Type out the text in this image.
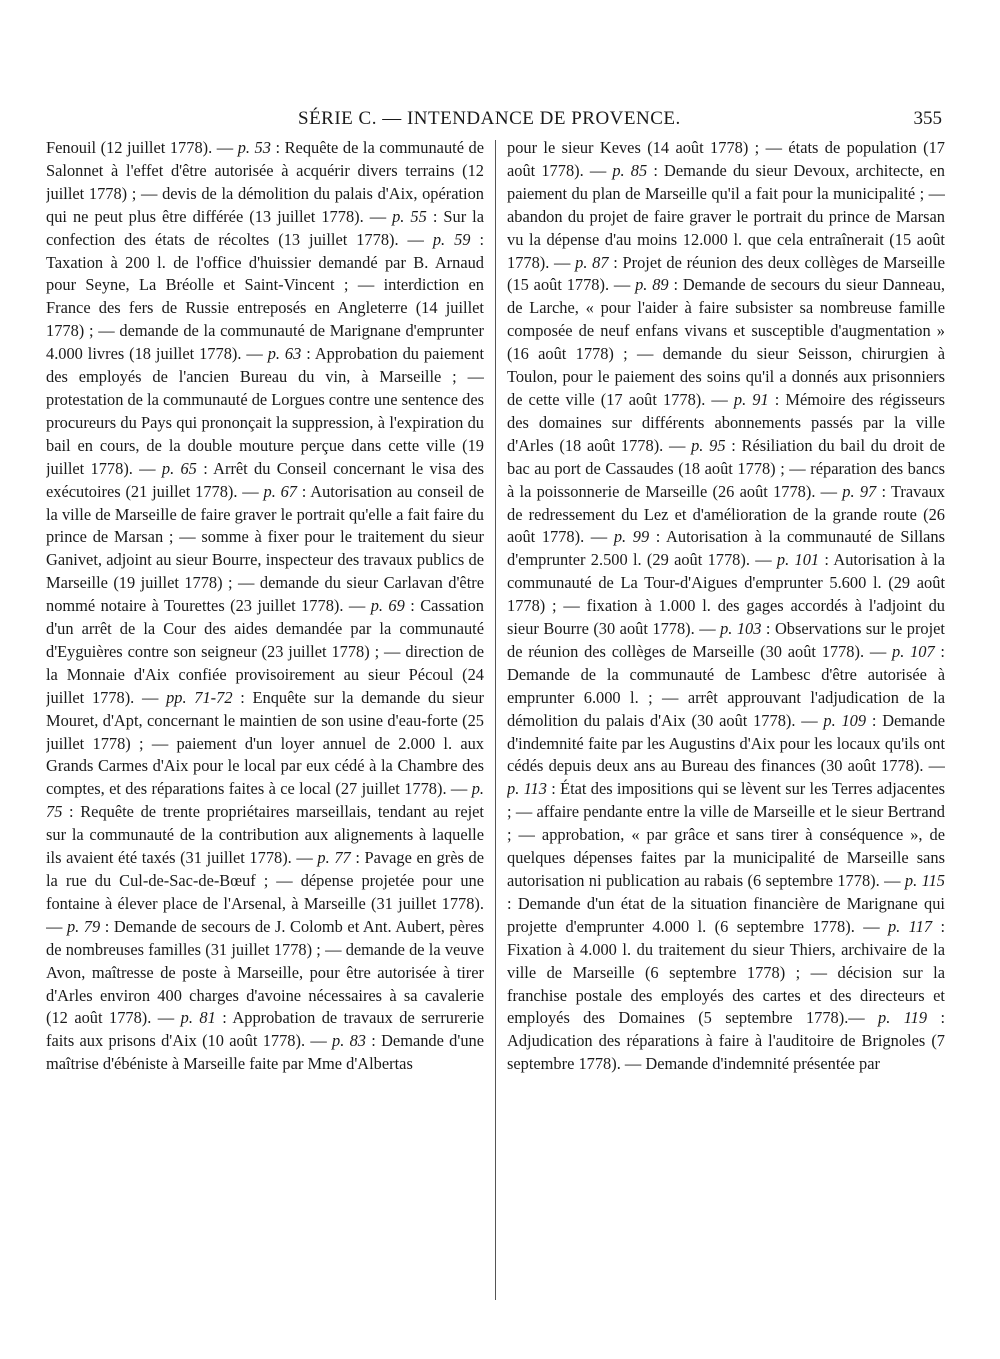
SÉRIE C. — INTENDANCE DE PROVENCE.	355
Fenouil (12 juillet 1778). — p. 53 : Requête de la communauté de Salonnet à l'effet d'être autorisée à acquérir divers terrains (12 juillet 1778) ; — devis de la démolition du palais d'Aix, opération qui ne peut plus être différée (13 juillet 1778). — p. 55 : Sur la confection des états de récoltes (13 juillet 1778). — p. 59 : Taxation à 200 l. de l'office d'huissier demandé par B. Arnaud pour Seyne, La Bréolle et Saint-Vincent ; — interdiction en France des fers de Russie entreposés en Angleterre (14 juillet 1778) ; — demande de la communauté de Marignane d'emprunter 4.000 livres (18 juillet 1778). — p. 63 : Approbation du paiement des employés de l'ancien Bureau du vin, à Marseille ; — protestation de la communauté de Lorgues contre une sentence des procureurs du Pays qui prononçait la suppression, à l'expiration du bail en cours, de la double mouture perçue dans cette ville (19 juillet 1778). — p. 65 : Arrêt du Conseil concernant le visa des exécutoires (21 juillet 1778). — p. 67 : Autorisation au conseil de la ville de Marseille de faire graver le portrait qu'elle a fait faire du prince de Marsan ; — somme à fixer pour le traitement du sieur Ganivet, adjoint au sieur Bourre, inspecteur des travaux publics de Marseille (19 juillet 1778) ; — demande du sieur Carlavan d'être nommé notaire à Tourettes (23 juillet 1778). — p. 69 : Cassation d'un arrêt de la Cour des aides demandée par la communauté d'Eyguières contre son seigneur (23 juillet 1778) ; — direction de la Monnaie d'Aix confiée provisoirement au sieur Pécoul (24 juillet 1778). — pp. 71-72 : Enquête sur la demande du sieur Mouret, d'Apt, concernant le maintien de son usine d'eau-forte (25 juillet 1778) ; — paiement d'un loyer annuel de 2.000 l. aux Grands Carmes d'Aix pour le local par eux cédé à la Chambre des comptes, et des réparations faites à ce local (27 juillet 1778). — p. 75 : Requête de trente propriétaires marseillais, tendant au rejet sur la communauté de la contribution aux alignements à laquelle ils avaient été taxés (31 juillet 1778). — p. 77 : Pavage en grès de la rue du Cul-de-Sac-de-Bœuf ; — dépense projetée pour une fontaine à élever place de l'Arsenal, à Marseille (31 juillet 1778). — p. 79 : Demande de secours de J. Colomb et Ant. Aubert, pères de nombreuses familles (31 juillet 1778) ; — demande de la veuve Avon, maîtresse de poste à Marseille, pour être autorisée à tirer d'Arles environ 400 charges d'avoine nécessaires à sa cavalerie (12 août 1778). — p. 81 : Approbation de travaux de serrurerie faits aux prisons d'Aix (10 août 1778). — p. 83 : Demande d'une maîtrise d'ébéniste à Marseille faite par Mme d'Albertas
pour le sieur Keves (14 août 1778) ; — états de population (17 août 1778). — p. 85 : Demande du sieur Devoux, architecte, en paiement du plan de Marseille qu'il a fait pour la municipalité ; — abandon du projet de faire graver le portrait du prince de Marsan vu la dépense d'au moins 12.000 l. que cela entraînerait (15 août 1778). — p. 87 : Projet de réunion des deux collèges de Marseille (15 août 1778). — p. 89 : Demande de secours du sieur Danneau, de Larche, « pour l'aider à faire subsister sa nombreuse famille composée de neuf enfans vivans et susceptible d'augmentation » (16 août 1778) ; — demande du sieur Seisson, chirurgien à Toulon, pour le paiement des soins qu'il a donnés aux prisonniers de cette ville (17 août 1778). — p. 91 : Mémoire des régisseurs des domaines sur différents abonnements passés par la ville d'Arles (18 août 1778). — p. 95 : Résiliation du bail du droit de bac au port de Cassaudes (18 août 1778) ; — réparation des bancs à la poissonnerie de Marseille (26 août 1778). — p. 97 : Travaux de redressement du Lez et d'amélioration de la grande route (26 août 1778). — p. 99 : Autorisation à la communauté de Sillans d'emprunter 2.500 l. (29 août 1778). — p. 101 : Autorisation à la communauté de La Tour-d'Aigues d'emprunter 5.600 l. (29 août 1778) ; — fixation à 1.000 l. des gages accordés à l'adjoint du sieur Bourre (30 août 1778). — p. 103 : Observations sur le projet de réunion des collèges de Marseille (30 août 1778). — p. 107 : Demande de la communauté de Lambesc d'être autorisée à emprunter 6.000 l. ; — arrêt approuvant l'adjudication de la démolition du palais d'Aix (30 août 1778). — p. 109 : Demande d'indemnité faite par les Augustins d'Aix pour les locaux qu'ils ont cédés depuis deux ans au Bureau des finances (30 août 1778). — p. 113 : État des impositions qui se lèvent sur les Terres adjacentes ; — affaire pendante entre la ville de Marseille et le sieur Bertrand ; — approbation, « par grâce et sans tirer à conséquence », de quelques dépenses faites par la municipalité de Marseille sans autorisation ni publication au rabais (6 septembre 1778). — p. 115 : Demande d'un état de la situation financière de Marignane qui projette d'emprunter 4.000 l. (6 septembre 1778). — p. 117 : Fixation à 4.000 l. du traitement du sieur Thiers, archivaire de la ville de Marseille (6 septembre 1778) ; — décision sur la franchise postale des employés des cartes et des directeurs et employés des Domaines (5 septembre 1778).— p. 119 : Adjudication des réparations à faire à l'auditoire de Brignoles (7 septembre 1778). — Demande d'indemnité présentée par
